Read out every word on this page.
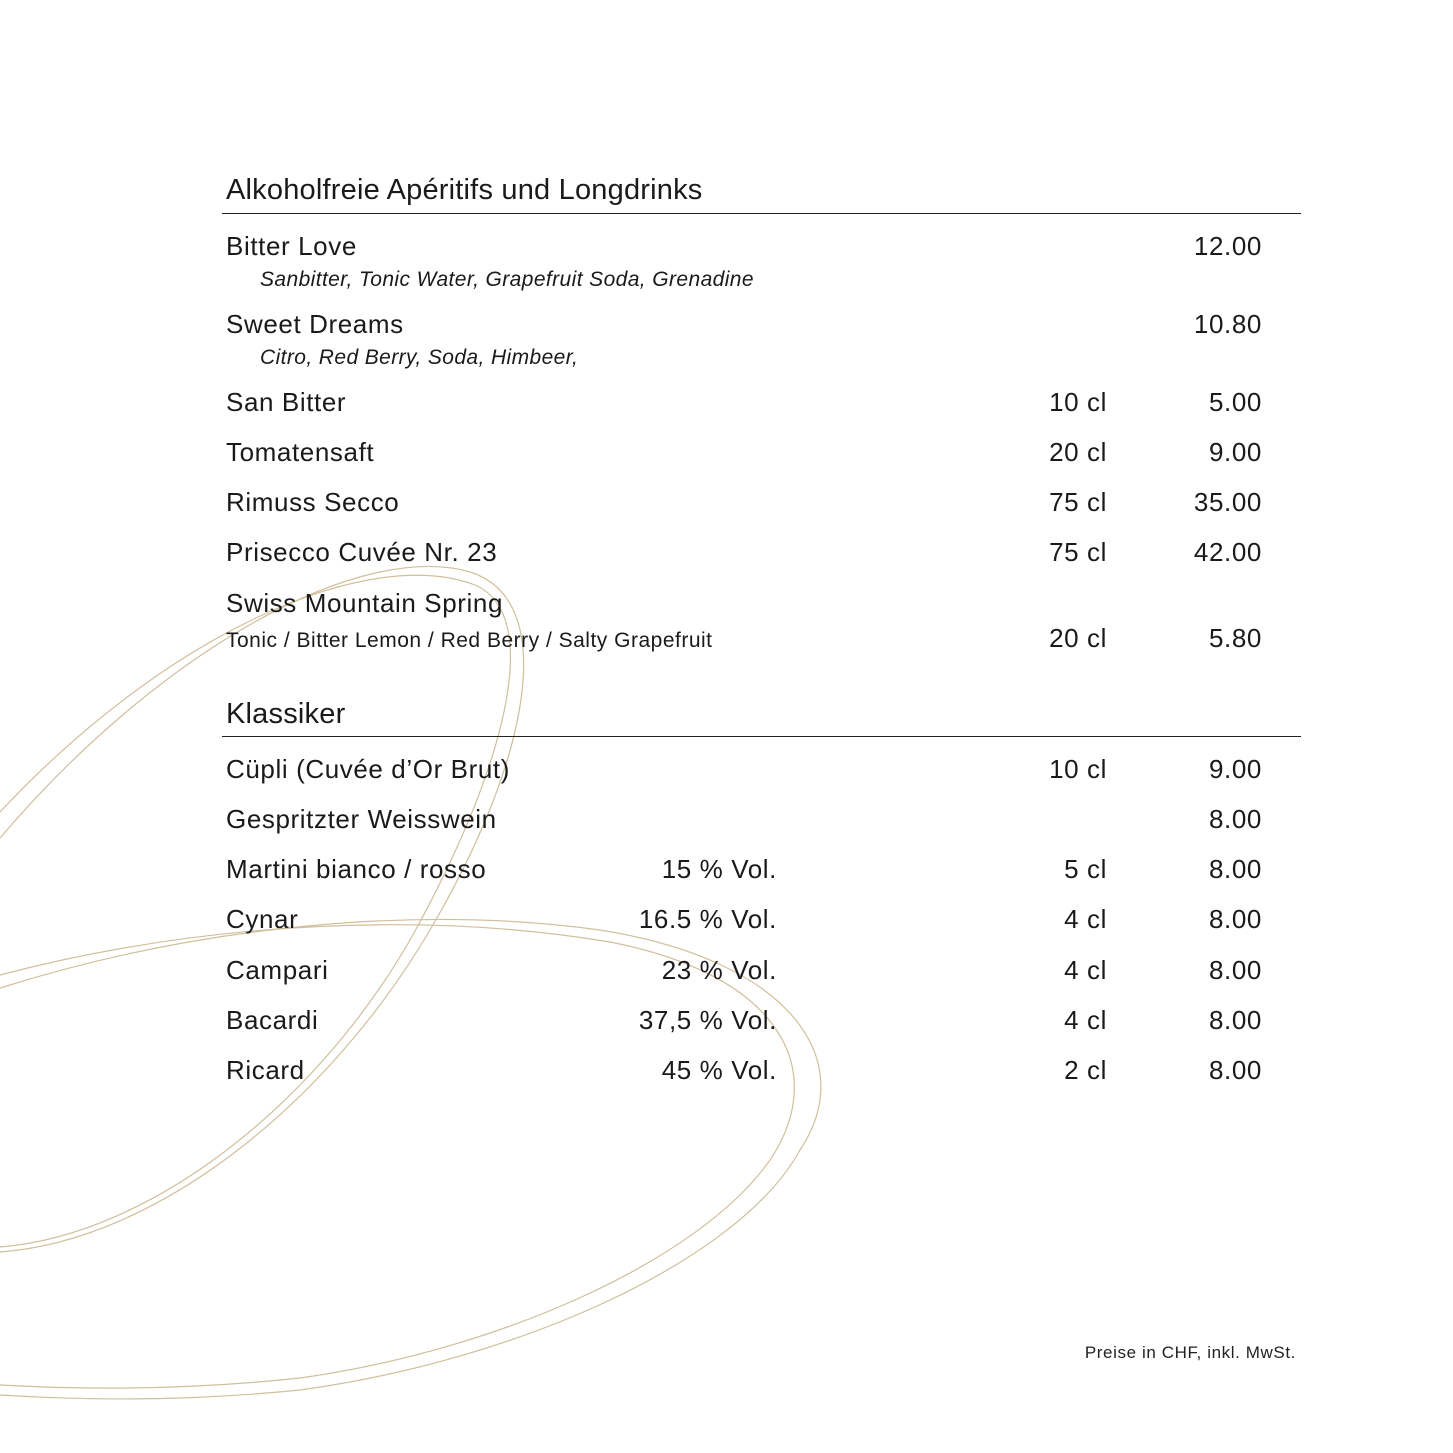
Alkoholfreie Apéritifs und Longdrinks
Bitter Love	12.00
Sanbitter, Tonic Water, Grapefruit Soda, Grenadine
Sweet Dreams	10.80
Citro, Red Berry, Soda, Himbeer,
San Bitter	10 cl	5.00
Tomatensaft	20 cl	9.00
Rimuss Secco	75 cl	35.00
Prisecco Cuvée Nr. 23	75 cl	42.00
Swiss Mountain Spring
Tonic / Bitter Lemon / Red Berry / Salty Grapefruit	20 cl	5.80
Klassiker
Cüpli (Cuvée d’Or Brut)	10 cl	9.00
Gespritzter Weisswein	8.00
Martini bianco / rosso	15 % Vol.	5 cl	8.00
Cynar	16.5 % Vol.	4 cl	8.00
Campari	23 % Vol.	4 cl	8.00
Bacardi	37,5 % Vol.	4 cl	8.00
Ricard	45 % Vol.	2 cl	8.00
Preise in CHF, inkl. MwSt.
